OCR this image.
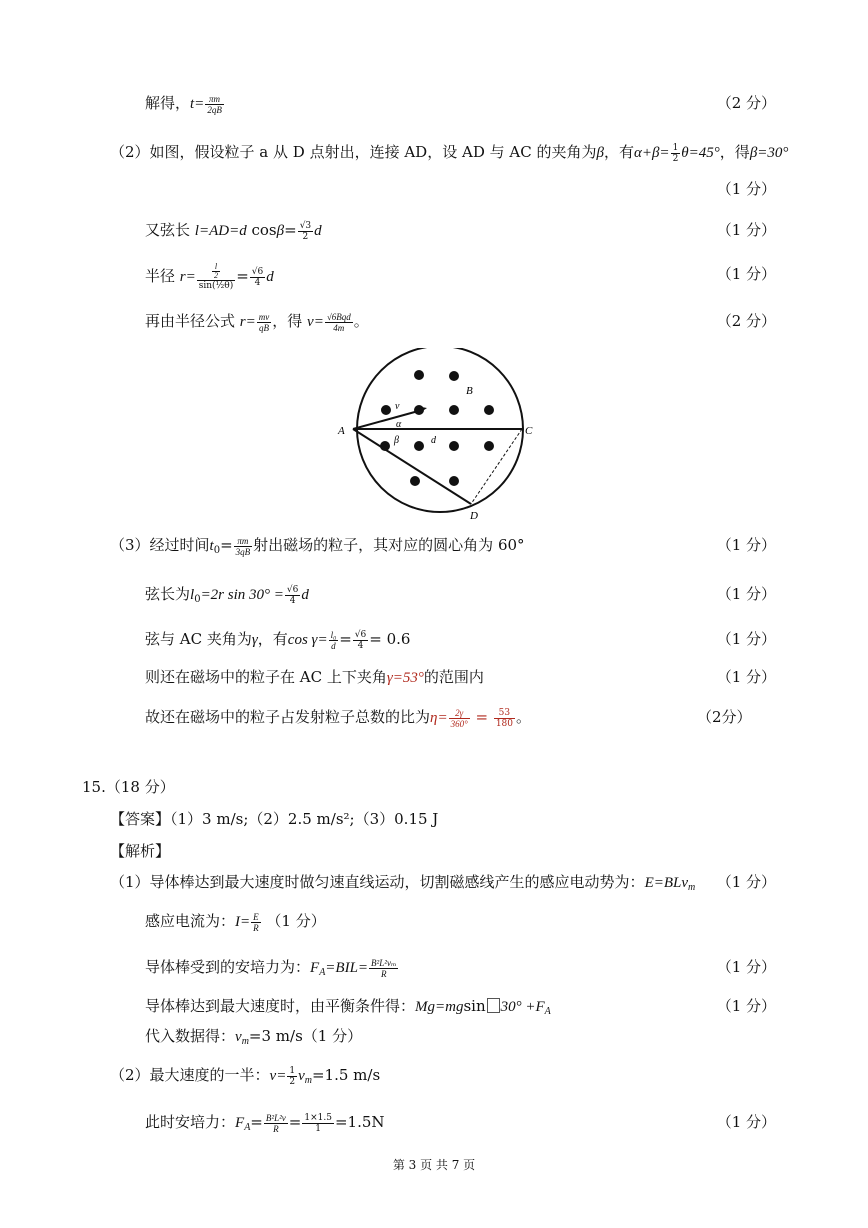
解得，$t= \frac{\pi m}{2qB}$	（2 分）
（2）如图，假设粒子 a 从 D 点射出，连接 AD，设 AD 与 AC 的夹角为β，有$\alpha+\beta= \frac{1}{2} \theta=45^\circ$，得β=30°
（1 分）
又弦长 l=AD=d $\cos\beta= \frac{√3}{2}$ d	（1 分）
半径 $r= \frac{\frac{l}{2}}{\text{sin(½θ)}} = \frac{√6}{4}$ d	（1 分）
再由半径公式 $r= \frac{mv}{qB}$ ，得 $v= \frac{\text{√6Bqd}}{4m}$ 。	（2 分）
A	C
D
B
v
α
β	d
（3）经过时间$t_0= \frac{\pi m}{3qB}$ 射出磁场的粒子，其对应的圆心角为 60°	（1 分）
弦长为$l_0=2r$ $\sin 30^\circ = \frac{√6}{4}$ d	（1 分）
弦与 AC 夹角为γ，有$\cos \gamma= \frac{\text{l₀}}{d} = \frac{√6}{4} = 0.6$	（1 分）
则还在磁场中的粒子在 AC 上下夹角γ=53°的范围内	（1 分）
故还在磁场中的粒子占发射粒子总数的比为$\eta= \frac{2\gamma}{360^\circ} = \frac{53}{180}$ 。	（2分）
15.（18 分）
【答案】（1）3 m/s;（2）2.5 m/s²;（3）0.15 J
【解析】
（1）导体棒达到最大速度时做匀速直线运动，切割磁感线产生的感应电动势为：E=BLv$_m$ （1 分）
感应电流为：$I= \frac{E}{R} (1$ 分）
导体棒受到的安培力为：$F_A=BIL= \frac{\text{B²L²vₘ}}{R}$	（1 分）
导体棒达到最大速度时，由平衡条件得：Mg=mgsin $30^\circ +F_A$	（1 分）
代入数据得：$v_m=3$ m/s（1 分）
（2）最大速度的一半：$v= \frac{1}{2} v_m=1.5$ m/s
此时安培力：$F_A= \frac{\text{B²L²v}}{R} = \frac{1\times 1.5}{1} =1.5N$	（1 分）
第 3 页 共 7 页
